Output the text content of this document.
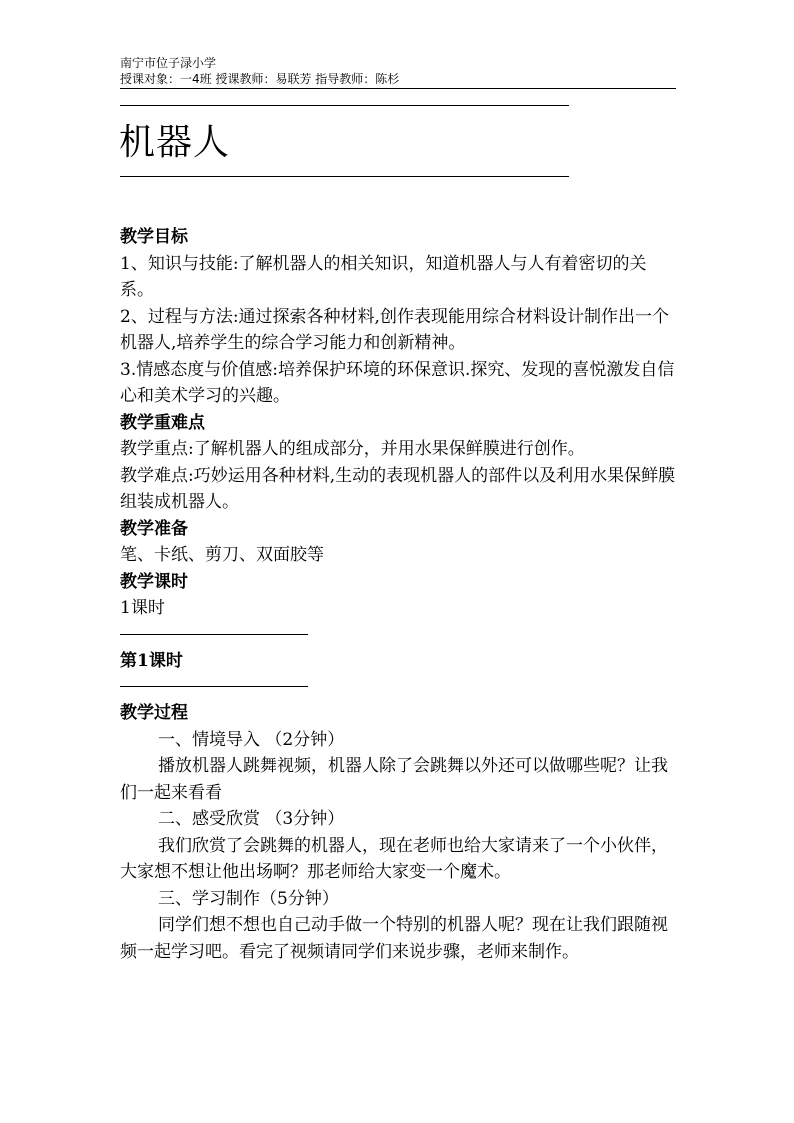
南宁市位子渌小学
授课对象：一4班 授课教师：易联芳 指导教师：陈杉
机器人

教学目标

1、知识与技能:了解机器人的相关知识，知道机器人与人有着密切的关系。

2、过程与方法:通过探索各种材料,创作表现能用综合材料设计制作出一个机器人,培养学生的综合学习能力和创新精神。

3.情感态度与价值感:培养保护环境的环保意识.探究、发现的喜悦激发自信心和美术学习的兴趣。

教学重难点

教学重点:了解机器人的组成部分，并用水果保鲜膜进行创作。

教学难点:巧妙运用各种材料,生动的表现机器人的部件以及利用水果保鲜膜组装成机器人。

教学准备

笔、卡纸、剪刀、双面胶等

教学课时

1课时

第1课时

教学过程

一、情境导入 （2分钟）

播放机器人跳舞视频，机器人除了会跳舞以外还可以做哪些呢？让我们一起来看看

二、感受欣赏 （3分钟）

我们欣赏了会跳舞的机器人，现在老师也给大家请来了一个小伙伴，大家想不想让他出场啊？那老师给大家变一个魔术。

三、学习制作（5分钟）

同学们想不想也自己动手做一个特别的机器人呢？现在让我们跟随视频一起学习吧。看完了视频请同学们来说步骤，老师来制作。
